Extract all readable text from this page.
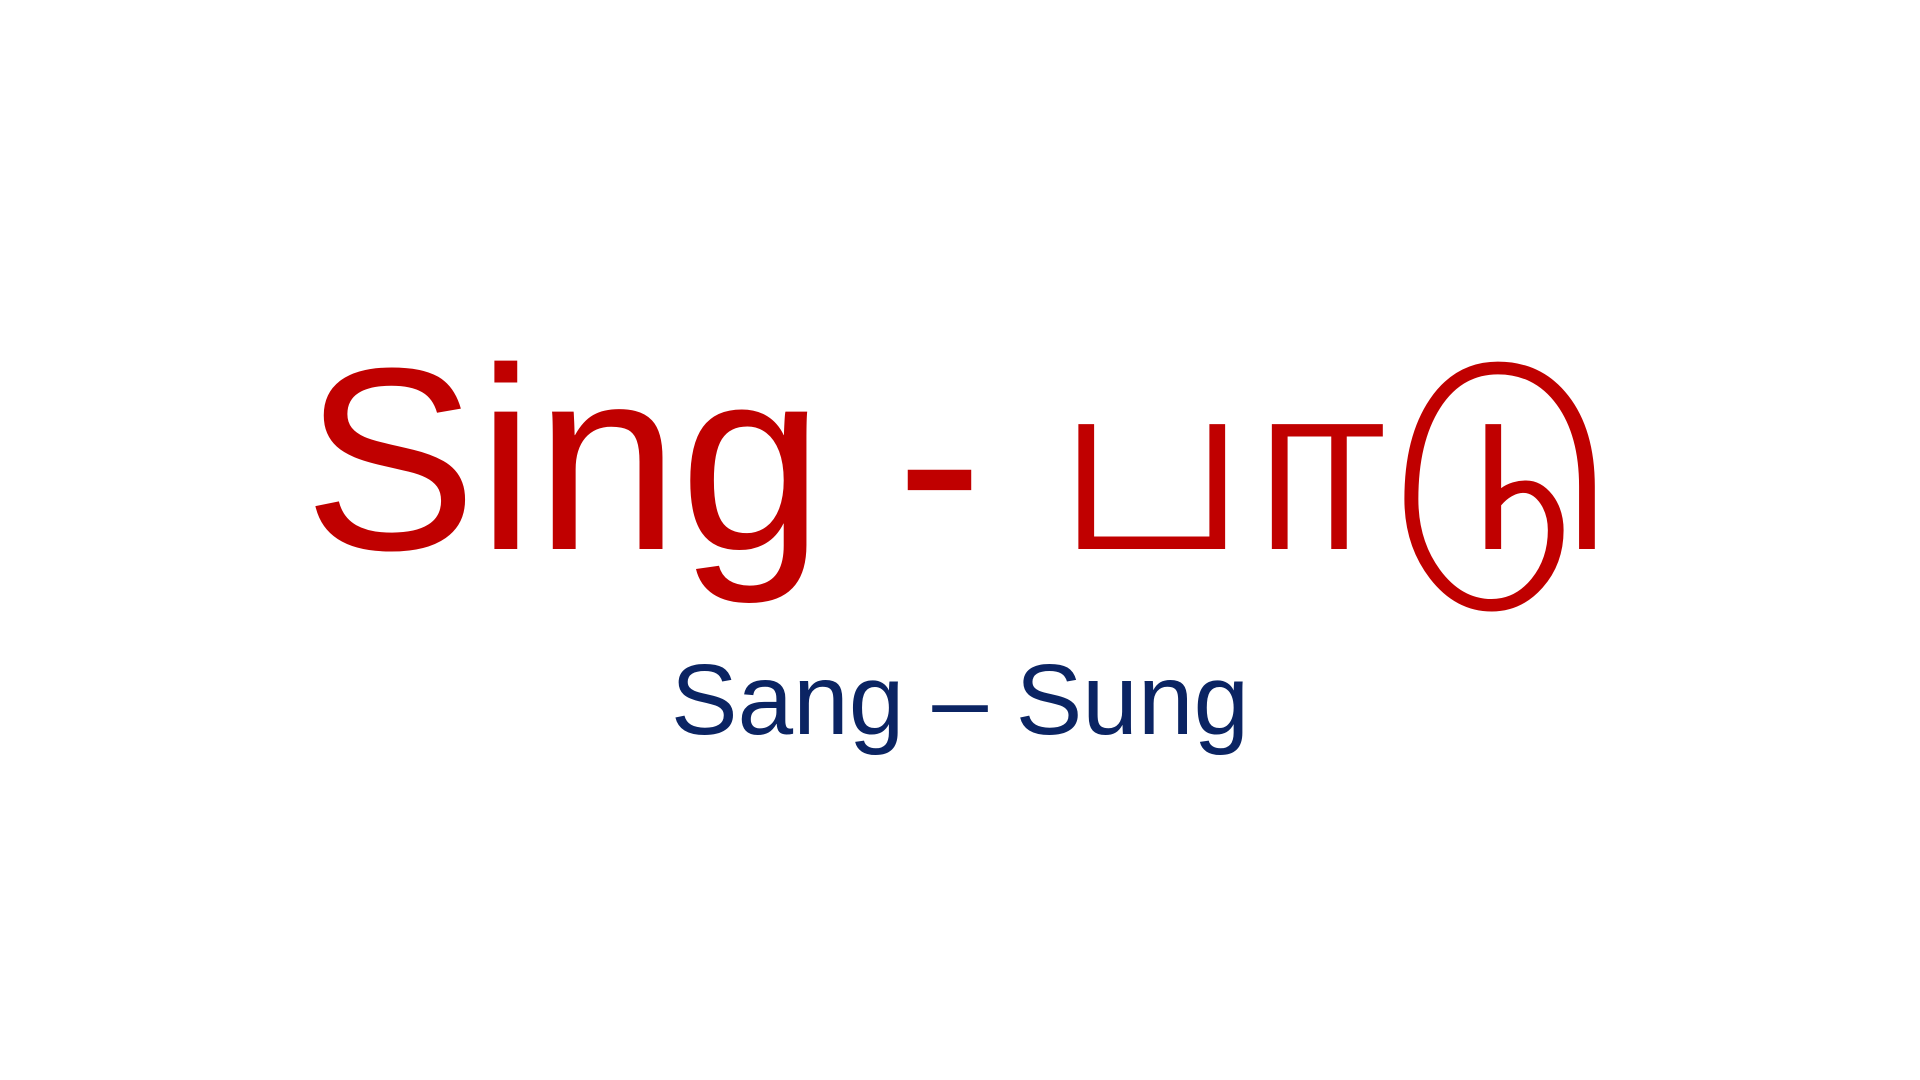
Sing - பாடு
Sang – Sung
